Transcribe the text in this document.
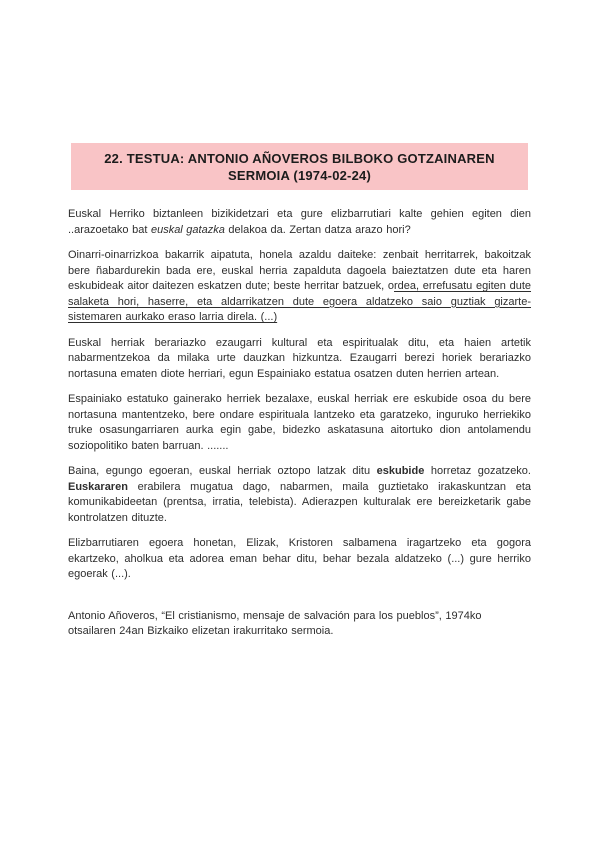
22. TESTUA: ANTONIO AÑOVEROS BILBOKO GOTZAINAREN
SERMOIA (1974-02-24)

Euskal Herriko biztanleen bizikidetzari eta gure elizbarrutiari kalte gehien egiten dien ..arazoetako bat euskal gatazka delakoa da. Zertan datza arazo hori?

Oinarri-oinarrizkoa bakarrik aipatuta, honela azaldu daiteke: zenbait herritarrek, bakoitzak bere ñabardurekin bada ere, euskal herria zapalduta dagoela baieztatzen dute eta haren eskubideak aitor daitezen eskatzen dute; beste herritar batzuek, ordea, errefusatu egiten dute salaketa hori, haserre, eta aldarrikatzen dute egoera aldatzeko saio guztiak gizarte-sistemaren aurkako eraso larria direla. (...)

Euskal herriak berariazko ezaugarri kultural eta espiritualak ditu, eta haien artetik nabarmentzekoa da milaka urte dauzkan hizkuntza. Ezaugarri berezi horiek berariazko nortasuna ematen diote herriari, egun Espainiako estatua osatzen duten herrien artean.

Espainiako estatuko gainerako herriek bezalaxe, euskal herriak ere eskubide osoa du bere nortasuna mantentzeko, bere ondare espirituala lantzeko eta garatzeko, inguruko herriekiko truke osasungarriaren aurka egin gabe, bidezko askatasuna aitortuko dion antolamendu soziopolitiko baten barruan. .......

Baina, egungo egoeran, euskal herriak oztopo latzak ditu eskubide horretaz gozatzeko. Euskararen erabilera mugatua dago, nabarmen, maila guztietako irakaskuntzan eta komunikabideetan (prentsa, irratia, telebista). Adierazpen kulturalak ere bereizketarik gabe kontrolatzen dituzte.

Elizbarrutiaren egoera honetan, Elizak, Kristoren salbamena iragartzeko eta gogora ekartzeko, aholkua eta adorea eman behar ditu, behar bezala aldatzeko (...) gure herriko egoerak (...).

Antonio Añoveros, “El cristianismo, mensaje de salvación para los pueblos”, 1974ko otsailaren 24an Bizkaiko elizetan irakurritako sermoia.
